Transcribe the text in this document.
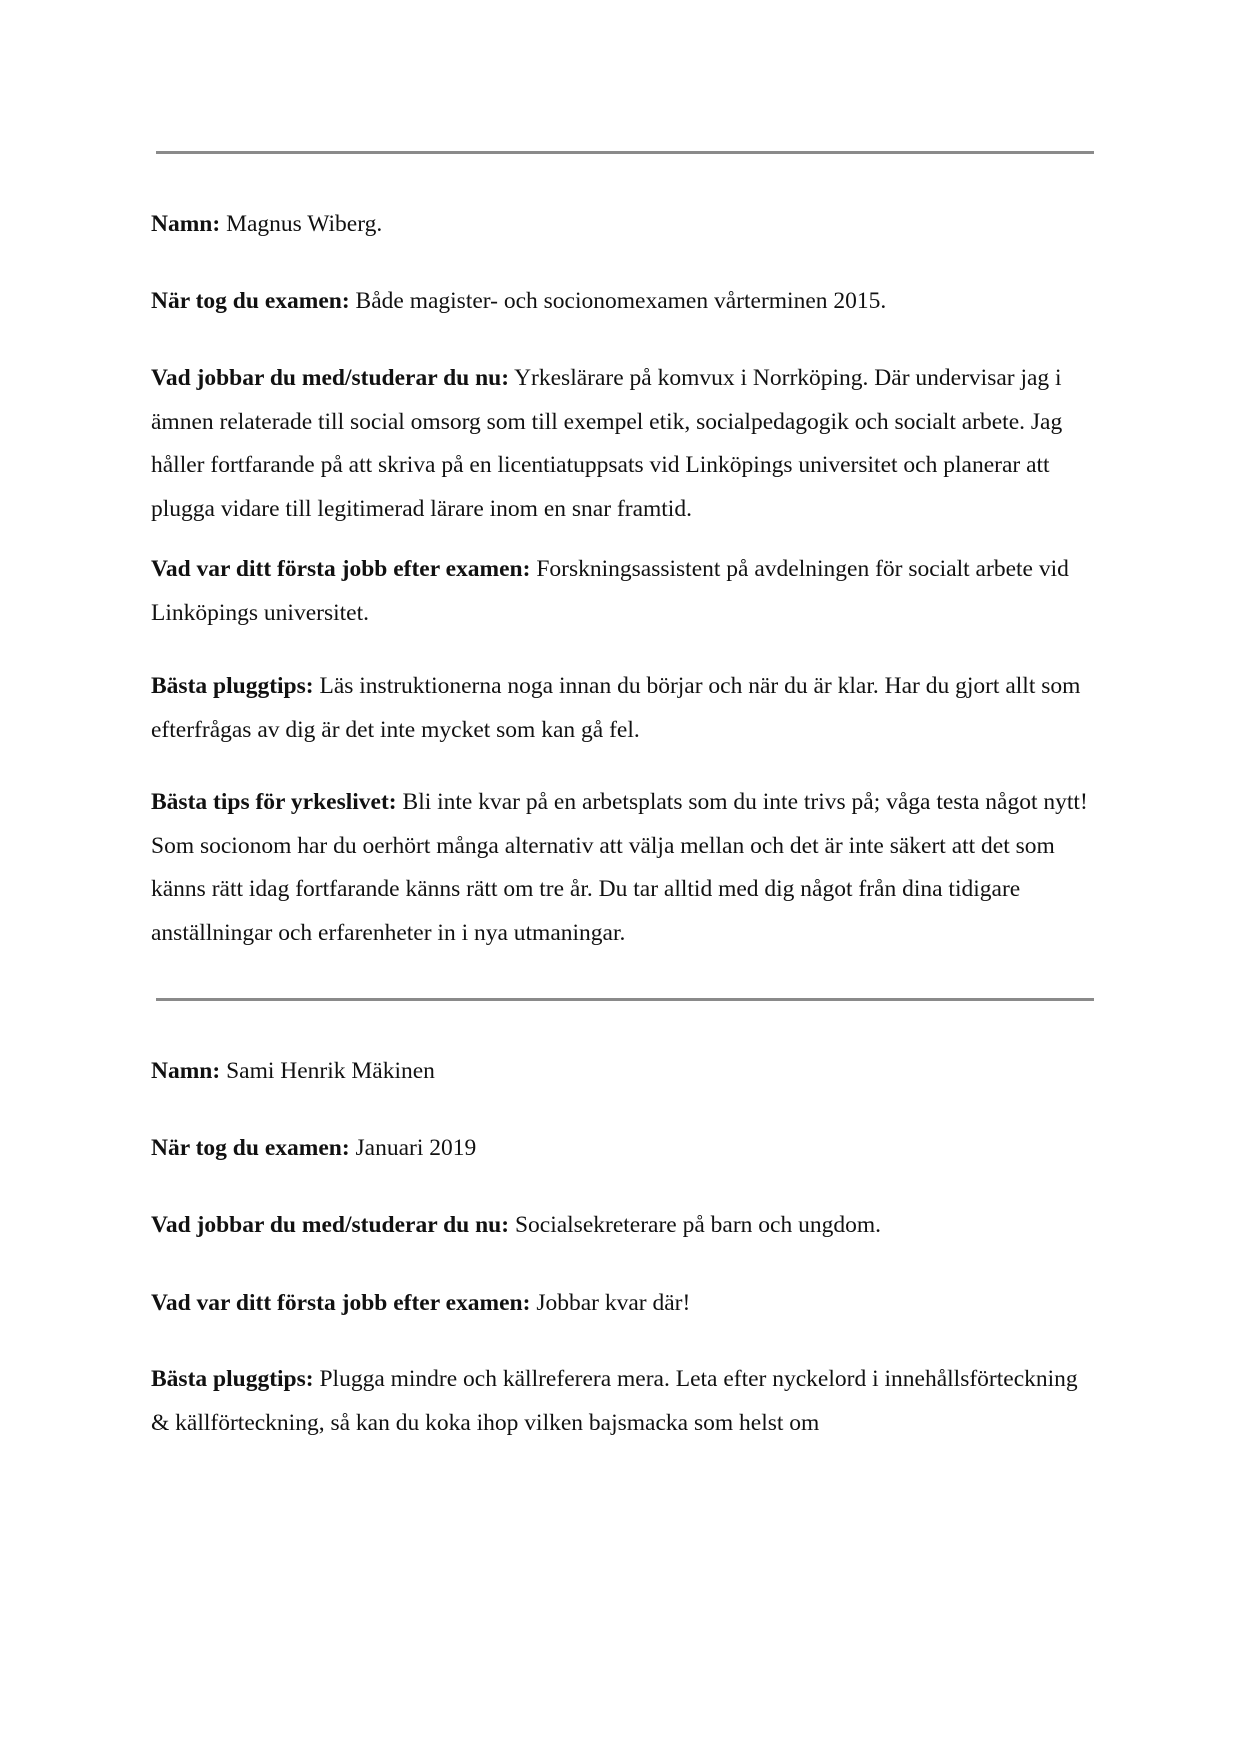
Namn: Magnus Wiberg.

När tog du examen: Både magister- och socionomexamen vårterminen 2015.

Vad jobbar du med/studerar du nu: Yrkeslärare på komvux i Norrköping. Där undervisar jag i ämnen relaterade till social omsorg som till exempel etik, socialpedagogik och socialt arbete. Jag håller fortfarande på att skriva på en licentiatuppsats vid Linköpings universitet och planerar att plugga vidare till legitimerad lärare inom en snar framtid.

Vad var ditt första jobb efter examen: Forskningsassistent på avdelningen för socialt arbete vid Linköpings universitet.

Bästa pluggtips: Läs instruktionerna noga innan du börjar och när du är klar. Har du gjort allt som efterfrågas av dig är det inte mycket som kan gå fel.

Bästa tips för yrkeslivet: Bli inte kvar på en arbetsplats som du inte trivs på; våga testa något nytt! Som socionom har du oerhört många alternativ att välja mellan och det är inte säkert att det som känns rätt idag fortfarande känns rätt om tre år. Du tar alltid med dig något från dina tidigare anställningar och erfarenheter in i nya utmaningar.

Namn: Sami Henrik Mäkinen

När tog du examen: Januari 2019

Vad jobbar du med/studerar du nu: Socialsekreterare på barn och ungdom.

Vad var ditt första jobb efter examen: Jobbar kvar där!

Bästa pluggtips: Plugga mindre och källreferera mera. Leta efter nyckelord i innehållsförteckning & källförteckning, så kan du koka ihop vilken bajsmacka som helst om
